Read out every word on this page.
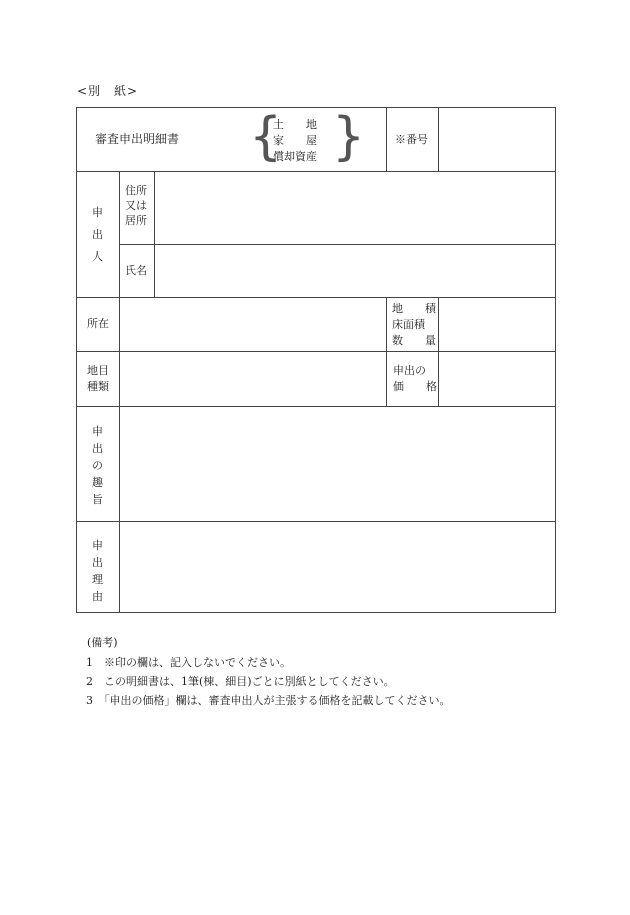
<別　紙>
審査申出明細書 {
土　　地
家　　屋
償却資産 }	※番号
申
出
人
住所
又は
居所
氏名
所在
地　　積
床面積
数　　量
地目
種類
申出の
価　　格
申
出
の
趣
旨
申
出
理
由
(備考)
1　※印の欄は、記入しないでください。
2　この明細書は、1筆(棟、細目)ごとに別紙としてください。
3　「申出の価格」欄は、審査申出人が主張する価格を記載してください。
